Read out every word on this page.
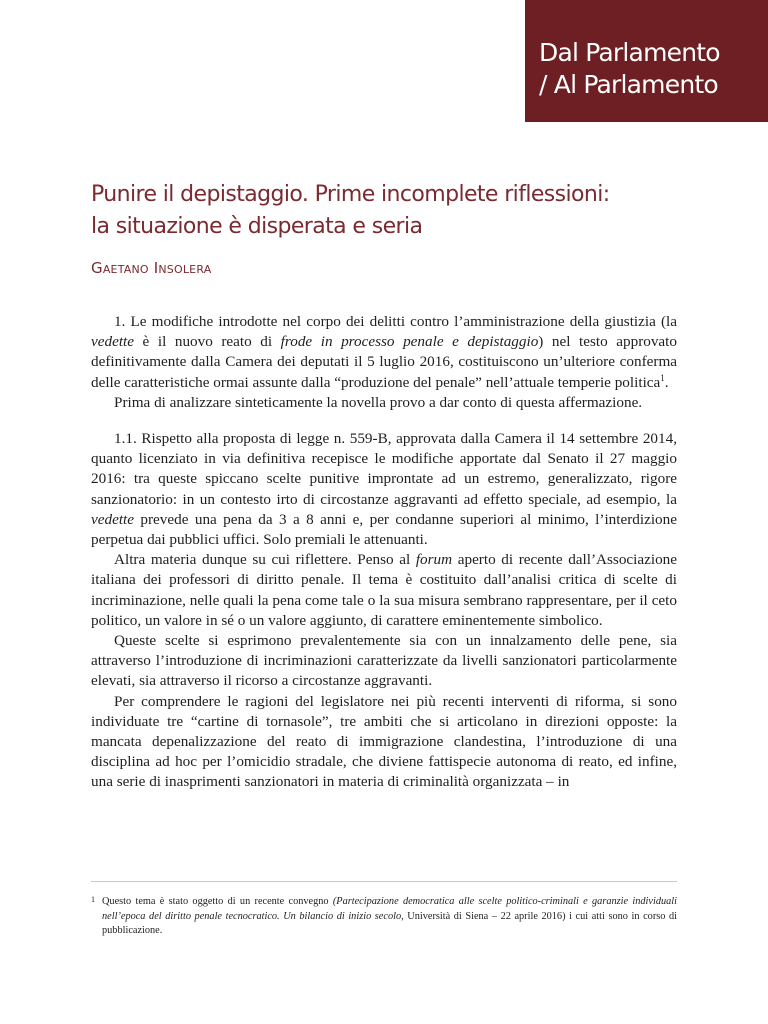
Dal Parlamento
/ Al Parlamento
Punire il depistaggio. Prime incomplete riflessioni:
la situazione è disperata e seria
Gaetano Insolera

1. Le modifiche introdotte nel corpo dei delitti contro l’amministrazione della giustizia (la vedette è il nuovo reato di frode in processo penale e depistaggio) nel testo approvato definitivamente dalla Camera dei deputati il 5 luglio 2016, costituiscono un’ulteriore conferma delle caratteristiche ormai assunte dalla “produzione del penale” nell’attuale temperie politica$^1$.

Prima di analizzare sinteticamente la novella provo a dar conto di questa affermazione.

1.1. Rispetto alla proposta di legge n. 559-B, approvata dalla Camera il 14 settembre 2014, quanto licenziato in via definitiva recepisce le modifiche apportate dal Senato il 27 maggio 2016: tra queste spiccano scelte punitive improntate ad un estremo, generalizzato, rigore sanzionatorio: in un contesto irto di circostanze aggravanti ad effetto speciale, ad esempio, la vedette prevede una pena da 3 a 8 anni e, per condanne superiori al minimo, l’interdizione perpetua dai pubblici uffici. Solo premiali le attenuanti.

Altra materia dunque su cui riflettere. Penso al forum aperto di recente dall’Associazione italiana dei professori di diritto penale. Il tema è costituito dall’analisi critica di scelte di incriminazione, nelle quali la pena come tale o la sua misura sembrano rappresentare, per il ceto politico, un valore in sé o un valore aggiunto, di carattere eminentemente simbolico.

Queste scelte si esprimono prevalentemente sia con un innalzamento delle pene, sia attraverso l’introduzione di incriminazioni caratterizzate da livelli sanzionatori particolarmente elevati, sia attraverso il ricorso a circostanze aggravanti.

Per comprendere le ragioni del legislatore nei più recenti interventi di riforma, si sono individuate tre “cartine di tornasole”, tre ambiti che si articolano in direzioni opposte: la mancata depenalizzazione del reato di immigrazione clandestina, l’introduzione di una disciplina ad hoc per l’omicidio stradale, che diviene fattispecie autonoma di reato, ed infine, una serie di inasprimenti sanzionatori in materia di criminalità organizzata – in

1 Questo tema è stato oggetto di un recente convegno (Partecipazione democratica alle scelte politico-criminali e garanzie individuali nell’epoca del diritto penale tecnocratico. Un bilancio di inizio secolo, Università di Siena – 22 aprile 2016) i cui atti sono in corso di pubblicazione.
